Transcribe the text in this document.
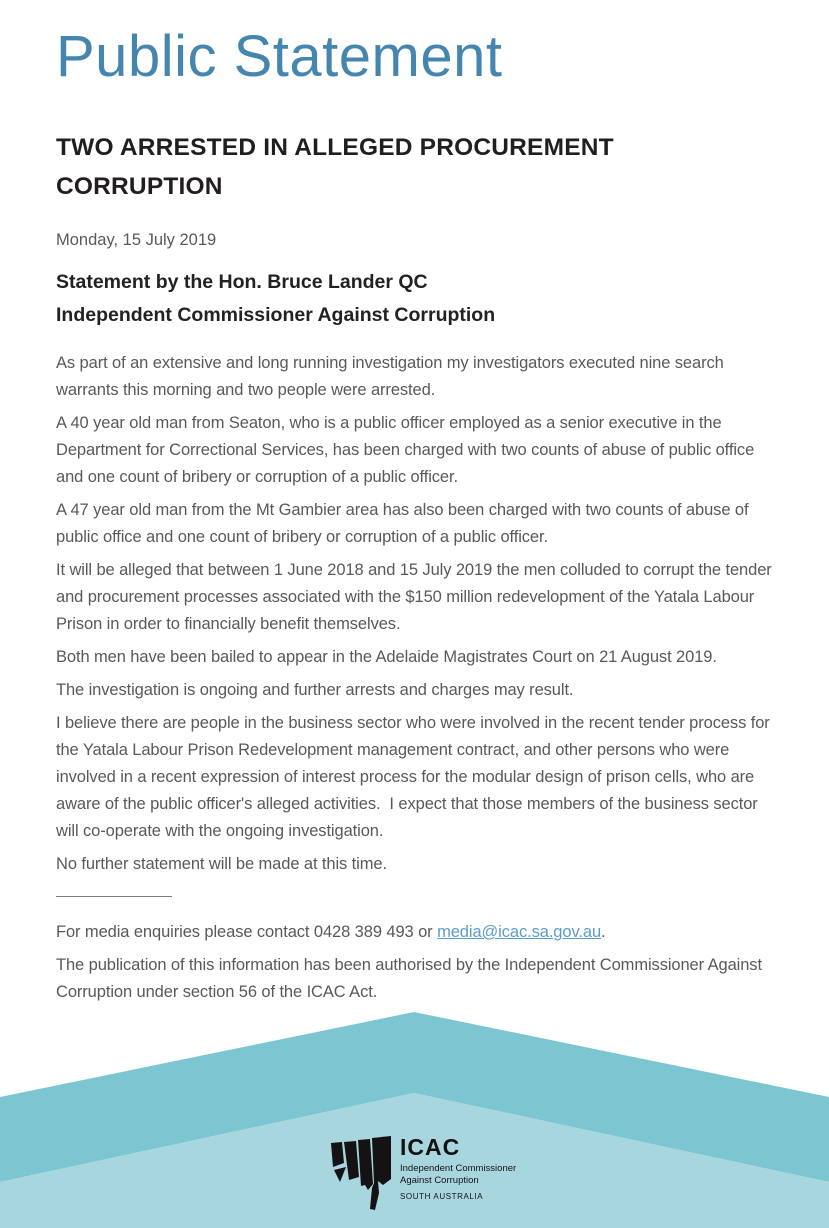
Public Statement
TWO ARRESTED IN ALLEGED PROCUREMENT CORRUPTION
Monday, 15 July 2019
Statement by the Hon. Bruce Lander QC
Independent Commissioner Against Corruption

As part of an extensive and long running investigation my investigators executed nine search warrants this morning and two people were arrested.

A 40 year old man from Seaton, who is a public officer employed as a senior executive in the Department for Correctional Services, has been charged with two counts of abuse of public office and one count of bribery or corruption of a public officer.

A 47 year old man from the Mt Gambier area has also been charged with two counts of abuse of public office and one count of bribery or corruption of a public officer.

It will be alleged that between 1 June 2018 and 15 July 2019 the men colluded to corrupt the tender and procurement processes associated with the $150 million redevelopment of the Yatala Labour Prison in order to financially benefit themselves.

Both men have been bailed to appear in the Adelaide Magistrates Court on 21 August 2019.

The investigation is ongoing and further arrests and charges may result.

I believe there are people in the business sector who were involved in the recent tender process for the Yatala Labour Prison Redevelopment management contract, and other persons who were involved in a recent expression of interest process for the modular design of prison cells, who are aware of the public officer's alleged activities.  I expect that those members of the business sector will co-operate with the ongoing investigation.

No further statement will be made at this time.

For media enquiries please contact 0428 389 493 or media@icac.sa.gov.au.

The publication of this information has been authorised by the Independent Commissioner Against Corruption under section 56 of the ICAC Act.

ICAC
Independent Commissioner
Against Corruption
SOUTH AUSTRALIA
